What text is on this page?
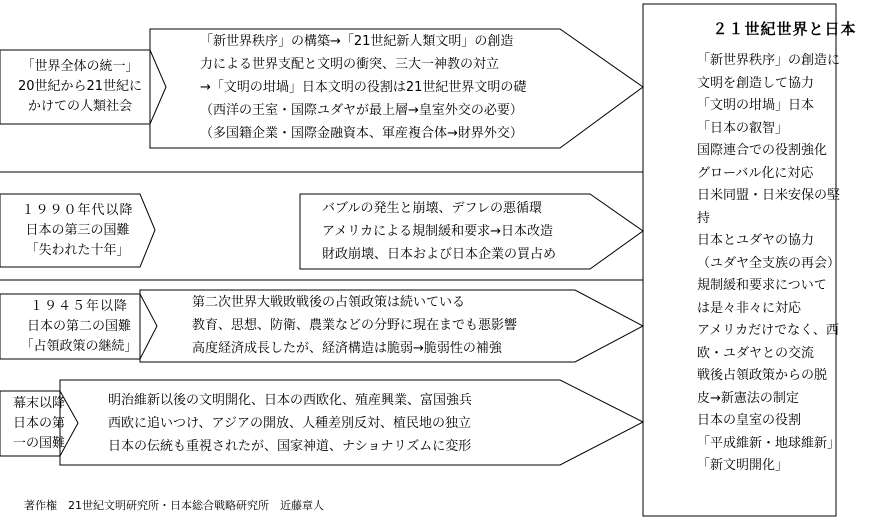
「世界全体の統一」
20世紀から21世紀に
かけての人類社会
「新世界秩序」の構築→「21世紀新人類文明」の創造
力による世界支配と文明の衝突、三大一神教の対立
→「文明の坩堝」日本文明の役割は21世紀世界文明の礎
（西洋の王室・国際ユダヤが最上層→皇室外交の必要）
（多国籍企業・国際金融資本、軍産複合体→財界外交）
１９９０年代以降
日本の第三の国難
「失われた十年」
バブルの発生と崩壊、デフレの悪循環
アメリカによる規制緩和要求→日本改造
財政崩壊、日本および日本企業の買占め
１９４５年以降
日本の第二の国難
「占領政策の継続」
第二次世界大戦敗戦後の占領政策は続いている
教育、思想、防衛、農業などの分野に現在までも悪影響
高度経済成長したが、経済構造は脆弱→脆弱性の補強
幕末以降
日本の第
一の国難
明治維新以後の文明開化、日本の西欧化、殖産興業、富国強兵
西欧に追いつけ、アジアの開放、人種差別反対、植民地の独立
日本の伝統も重視されたが、国家神道、ナショナリズムに変形
２１世紀世界と日本
「新世界秩序」の創造に
文明を創造して協力
「文明の坩堝」日本
「日本の叡智」
国際連合での役割強化
グローバル化に対応
日米同盟・日米安保の堅
持
日本とユダヤの協力
（ユダヤ全支族の再会）
規制緩和要求について
は是々非々に対応
アメリカだけでなく、西
欧・ユダヤとの交流
戦後占領政策からの脱
皮→新憲法の制定
日本の皇室の役割
「平成維新・地球維新」
「新文明開化」
著作権　21世紀文明研究所・日本総合戦略研究所　近藤章人
